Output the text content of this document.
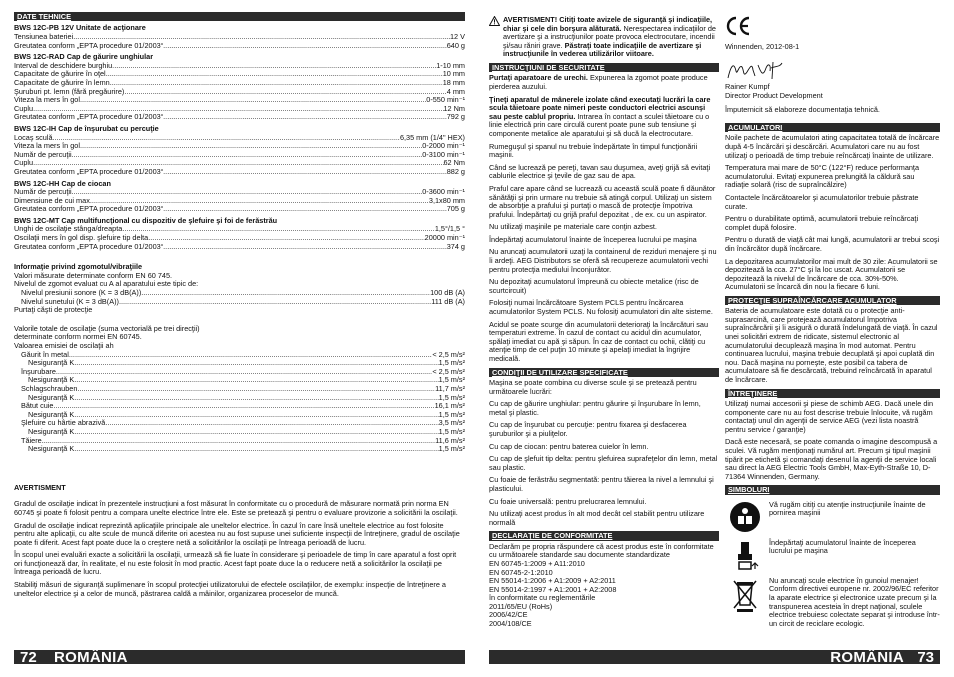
DATE TEHNICE
BWS 12C-PB 12V Unitate de acţionare
Tensiunea bateriei .....	12 V
Greutatea conform „EPTA procedure 01/2003“ .....	640 g
BWS 12C-RAD Cap de găurire unghiular
Interval de deschidere burghiu .....	1-10 mm
Capacitate de găurire în oţel .....	10 mm
Capacitate de găurire în lemn .....	18 mm
Şuruburi pt. lemn (fără pregăurire) .....	4 mm
Viteza la mers în gol .....	0-550 min⁻¹
Cuplu .....	12 Nm
Greutatea conform „EPTA procedure 01/2003“ .....	792 g
BWS 12C-IH Cap de înşurubat cu percuţie
Locaş sculă .....	6,35 mm (1/4" HEX)
Viteza la mers în gol .....	0-2000 min⁻¹
Număr de percuţii .....	0-3100 min⁻¹
Cuplu .....	62 Nm
Greutatea conform „EPTA procedure 01/2003“ .....	882 g
BWS 12C-HH Cap de ciocan
Număr de percuţii .....	0-3600 min⁻¹
Dimensiune de cui max. .....	3,1x80 mm
Greutatea conform „EPTA procedure 01/2003“ .....	705 g
BWS 12C-MT Cap multifuncţional cu dispozitiv de şlefuire şi foi de ferăstrău
Unghi de oscilaţie stânga/dreapta .....	1,5°/1,5 °
Oscilaţii mers în gol disp. şlefuire tip delta .....	20000 min⁻¹
Greutatea conform „EPTA procedure 01/2003“ .....	374 g
Informaţie privind zgomotul/vibraţiile
Valori măsurate determinate conform EN 60 745.
Nivelul de zgomot evaluat cu A al aparatului este tipic de:
Nivelul presiunii sonore (K = 3 dB(A)) .....	100 dB (A)
Nivelul sunetului (K = 3 dB(A)) .....	111 dB (A)
Purtaţi căşti de protecţie
Valorile totale de oscilaţie (suma vectorială pe trei direcţii)
determinate conform normei EN 60745.
Valoarea emisiei de oscilaţii ah
Găurit în metal .....	< 2,5 m/s²
Nesiguranţă K .....	1,5 m/s²
Înşurubare .....	< 2,5 m/s²
Nesiguranţă K .....	1,5 m/s²
Schlagschrauben .....	11,7 m/s²
Nesiguranţă K .....	1,5 m/s²
Bătut cuie .....	16,1 m/s²
Nesiguranţă K .....	1,5 m/s²
Şlefuire cu hârtie abrazivă .....	3,5 m/s²
Nesiguranţă K .....	1,5 m/s²
Tăiere .....	11,6 m/s²
Nesiguranţă K .....	1,5 m/s²
AVERTISMENT

Gradul de oscilaţie indicat în prezentele instrucţiuni a fost măsurat în conformitate cu o procedură de măsurare normată prin norma EN 60745 şi poate fi folosit pentru a compara unelte electrice între ele. Este se pretează şi pentru o evaluare provizorie a solicitării la oscilaţii.

Gradul de oscilaţie indicat reprezintă aplicaţiile principale ale uneltelor electrice. În cazul în care însă uneltele electrice au fost folosite pentru alte aplicaţii, cu alte scule de muncă diferite ori acestea nu au fost supuse unei suficiente inspecţii de întreţinere, gradul de oscilaţie poate fi diferit. Acest fapt poate duce la o creştere netă a solicitărilor la oscilaţii pe întreaga perioadă de lucru.

În scopul unei evaluări exacte a solicitării la oscilaţii, urmează să fie luate în considerare şi perioadele de timp în care aparatul a fost oprit ori funcţionează dar, în realitate, el nu este folosit în mod practic. Acest fapt poate duce la o reducere netă a solicitărilor la oscilaţii pe întreaga perioadă de lucru.

Stabiliţi măsuri de siguranţă suplimenare în scopul protecţiei utilizatorului de efectele oscilaţiilor, de exemplu: inspecţie de întreţinere a uneltelor electrice şi a celor de muncă, păstrarea caldă a mâinilor, organizarea proceselor de muncă.

AVERTISMENT! Citiţi toate avizele de siguranţă şi indicaţiile, chiar şi cele din borşura alăturată. Nerespectarea indicaţiilor de avertizare şi a instrucţiunilor poate provoca electrocutare, incendii şi/sau răniri grave. Păstraţi toate indicaţiile de avertizare şi instrucţiunile în vederea utilizărilor viitoare.
INSTRUCŢIUNI DE SECURITATE

Purtaţi aparatoare de urechi. Expunerea la zgomot poate produce pierderea auzului.

Ţineţi aparatul de mânerele izolate când executaţi lucrări la care scula tăietoare poate nimeri peste conductori electrici ascunşi sau peste cablul propriu. Intrarea în contact a sculei tăietoare cu o linie electrică prin care circulă curent poate pune sub tensiune şi componente metalice ale aparatului şi să ducă la electrocutare.

Rumeguşul şi spanul nu trebuie îndepărtate în timpul funcţionării maşinii.

Când se lucrează pe pereţi, tavan sau duşumea, aveţi grijă să evitaţi cablurile electrice şi ţevile de gaz sau de apa.

Praful care apare când se lucrează cu această sculă poate fi dăunător sănătăţii şi prin urmare nu trebuie să atingă corpul. Utilizaţi un sistem de absorbţie a prafului şi purtaţi o mască de protecţie împotriva prafului. Îndepărtaţi cu grijă praful depozitat , de ex. cu un aspirator.

Nu utilizaţi maşinile pe materiale care conţin azbest.

Îndepărtaţi acumulatorul înainte de începerea lucrului pe maşina

Nu aruncaţi acumulatorii uzaţi la containerul de reziduri menajere şi nu îi ardeţi. AEG Distributors se oferă să recupereze acumulatorii vechi pentru protecţia mediului înconjurător.

Nu depozitaţi acumulatorul împreună cu obiecte metalice (risc de scurtcircuit)

Folosiţi numai încărcătoare System PCLS pentru încărcarea acumulatorilor System PCLS. Nu folosiţi acumulatori din alte sisteme.

Acidul se poate scurge din acumulatorii deterioraţi la încărcături sau temperaturi extreme. În cazul de contact cu acidul din acumulator, spălaţi imediat cu apă şi săpun. În caz de contact cu ochii, clătiţi cu atenţie timp de cel puţin 10 minute şi apelaţi imediat la îngrijire medicală.

CONDIŢII DE UTILIZARE SPECIFICATE

Maşina se poate combina cu diverse scule şi se pretează pentru următoarele lucrări:

Cu cap de găurire unghiular: pentru găurire şi înşurubare în lemn, metal şi plastic.

Cu cap de înşurubat cu percuţie: pentru fixarea şi desfacerea şuruburilor şi a piuliţelor.

Cu cap de ciocan: pentru baterea cuielor în lemn.

Cu cap de şlefuit tip delta: pentru şlefuirea suprafeţelor din lemn, metal sau plastic.

Cu foaie de ferăstrău segmentată: pentru tăierea la nivel a lemnului şi plasticului.

Cu foaie universală: pentru prelucrarea lemnului.

Nu utilizaţi acest produs în alt mod decât cel stabilit pentru utilizare normală

DECLARAŢIE DE CONFORMITATE
Declarăm pe propria răspundere că acest produs este în conformitate cu următoarele standarde sau documente standardizate
EN 60745-1:2009 + A11:2010
EN 60745-2-1:2010
EN 55014-1:2006 + A1:2009 + A2:2011
EN 55014-2:1997 + A1:2001 + A2:2008
în conformitate cu reglementările
2011/65/EU (RoHs)
2006/42/CE
2004/108/CE
Winnenden, 2012-08-1
Rainer Kumpf
Director Product Development
Împuternicit să elaboreze documentaţia tehnică.
ACUMULATORI

Noile pachete de acumulatori ating capacitatea totală de încărcare după 4-5 încărcări şi descărcări. Acumulatori care nu au fost utilizaţi o perioadă de timp trebuie reîncărcaţi înainte de utilizare.

Temperatura mai mare de 50°C (122°F) reduce performanţa acumulatorului. Evitaţi expunerea prelungită la căldură sau radiaţie solară (risc de supraîncălzire)

Contactele încărcătoarelor şi acumulatorilor trebuie păstrate curate.

Pentru o durabilitate optimă, acumulatorii trebuie reîncărcaţi complet după folosire.

Pentru o durată de viaţă cât mai lungă, acumulatorii ar trebui scoşi din încărcător după încărcare.

La depozitarea acumulatorilor mai mult de 30 zile: Acumulatorii se depozitează la cca. 27°C şi la loc uscat. Acumulatorii se depozitează la nivelul de încărcare de cca. 30%-50%.
Acumulatorii se încarcă din nou la fiecare 6 luni.

PROTECŢIE SUPRAÎNCĂRCARE ACUMULATOR

Bateria de acumulatoare este dotată cu o protecţie anti-suprasarcină, care protejează acumulatorul împotriva supraîncărcării şi îi asigură o durată îndelungată de viaţă. În cazul unei solicitări extrem de ridicate, sistemul electronic al acumulatorului decuplează maşina în mod automat. Pentru continuarea lucrului, maşina trebuie decuplată şi apoi cuplată din nou. Dacă maşina nu porneşte, este posibil ca tabera de acumulatoare să fie descărcată, trebuind reîncărcată în aparatul de încărcare.

ÎNTREŢINERE

Utilizaţi numai accesorii şi piese de schimb AEG. Dacă unele din componente care nu au fost descrise trebuie înlocuite, vă rugăm contactaţi unul din agenţii de service AEG (vezi lista noastră pentru service / garanţie)

Dacă este necesară, se poate comanda o imagine descompusă a sculei. Vă rugăm menţionaţi numărul art. Precum şi tipul maşinii tipărit pe etichetă şi comandaţi desenul la agenţii de service locali sau direct la AEG Electric Tools GmbH, Max-Eyth-Straße 10, D-71364 Winnenden, Germany.

SIMBOLURI
Vă rugăm citiţi cu atenţie instrucţiunile înainte de pornirea maşinii
Îndepărtaţi acumulatorul înainte de începerea lucrului pe maşina
Nu aruncaţi scule electrice în gunoiul menajer! Conform directivei europene nr. 2002/96/EC referitor la aparate electrice şi electronice uzate precum şi la transpunerea acesteia în drept naţional, sculele electrice trebuiesc colectate separat şi introduse într-un circit de reciclare ecologic.
72 ROMÂNIA	ROMÂNIA 73
